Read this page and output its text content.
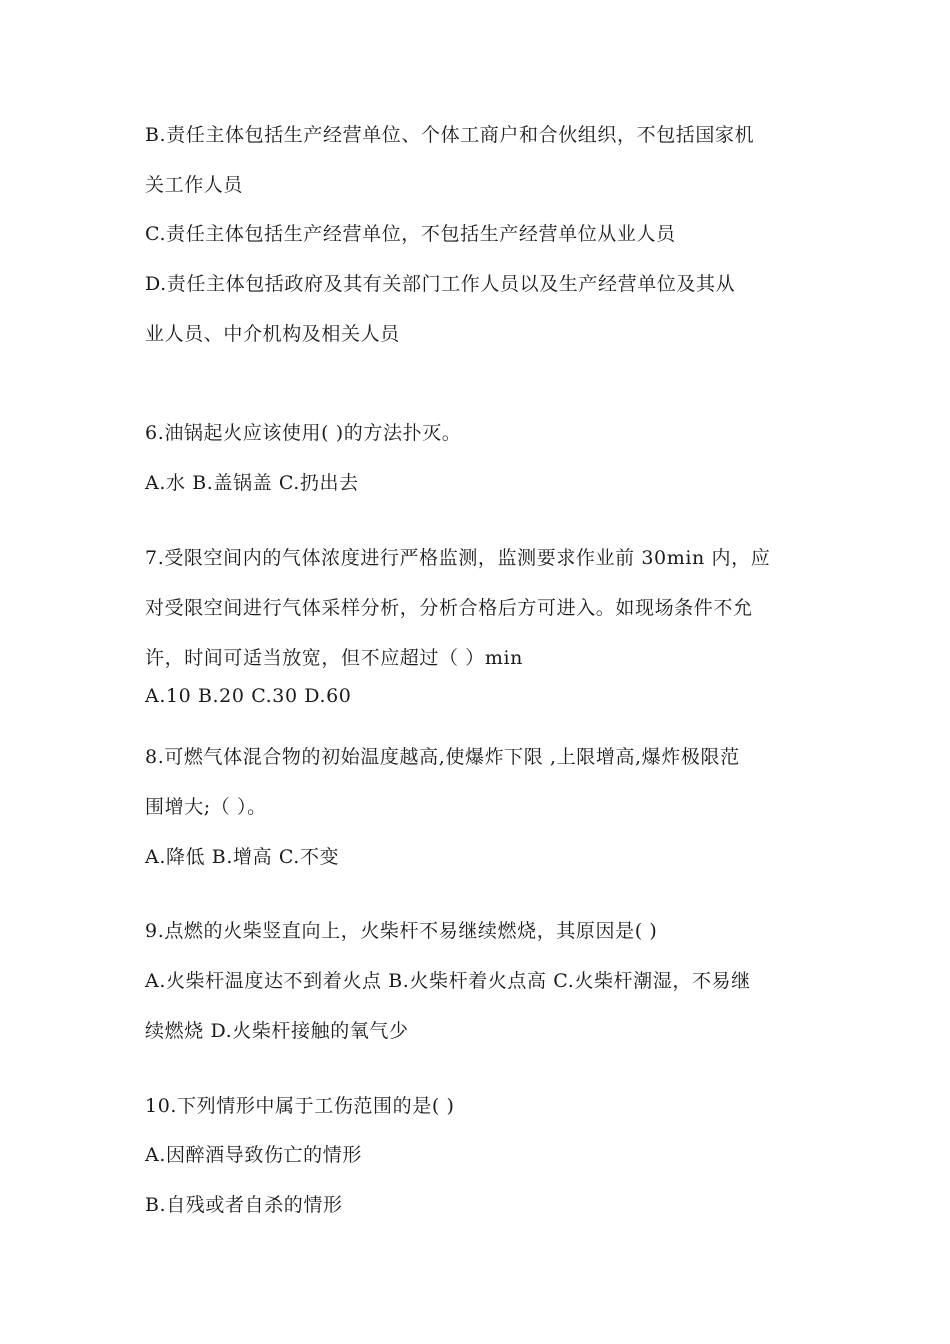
B.责任主体包括生产经营单位、个体工商户和合伙组织，不包括国家机
关工作人员
C.责任主体包括生产经营单位，不包括生产经营单位从业人员
D.责任主体包括政府及其有关部门工作人员以及生产经营单位及其从
业人员、中介机构及相关人员
6.油锅起火应该使用( )的方法扑灭。
A.水 B.盖锅盖 C.扔出去
7.受限空间内的气体浓度进行严格监测，监测要求作业前 30min 内，应
对受限空间进行气体采样分析，分析合格后方可进入。如现场条件不允
许，时间可适当放宽，但不应超过（ ）min
A.10 B.20 C.30 D.60
8.可燃气体混合物的初始温度越高,使爆炸下限 ,上限增高,爆炸极限范
围增大;（ ）。
A.降低 B.增高 C.不变
9.点燃的火柴竖直向上，火柴杆不易继续燃烧，其原因是( )
A.火柴杆温度达不到着火点 B.火柴杆着火点高 C.火柴杆潮湿，不易继
续燃烧 D.火柴杆接触的氧气少
10.下列情形中属于工伤范围的是( )
A.因醉酒导致伤亡的情形
B.自残或者自杀的情形
